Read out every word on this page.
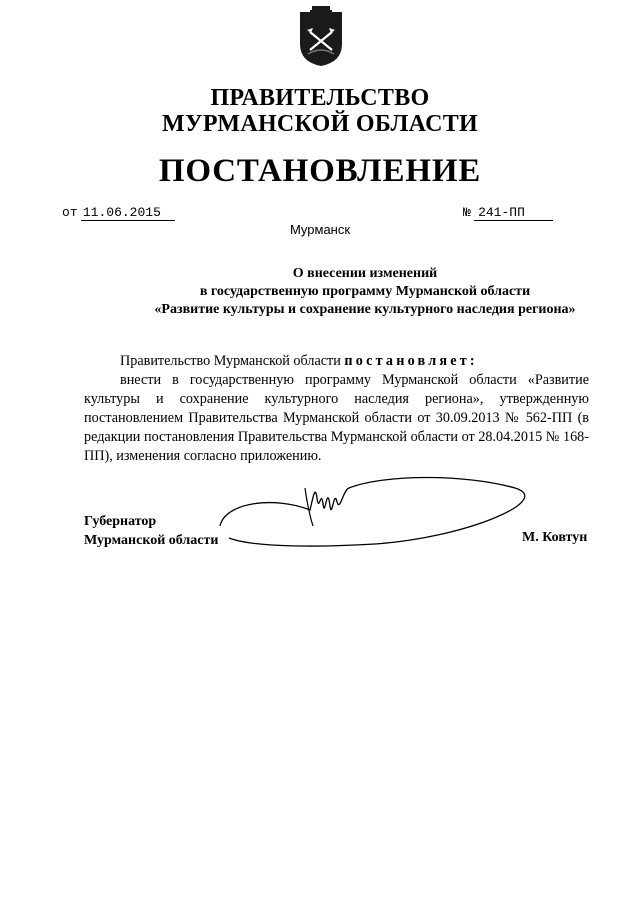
ПРАВИТЕЛЬСТВО
МУРМАНСКОЙ ОБЛАСТИ
ПОСТАНОВЛЕНИЕ
от 11.06.2015	№ 241-ПП
Мурманск
О внесении изменений
в государственную программу Мурманской области
«Развитие культуры и сохранение культурного наследия региона»

Правительство Мурманской области постановляет:

внести в государственную программу Мурманской области «Развитие культуры и сохранение культурного наследия региона», утвержденную постановлением Правительства Мурманской области от 30.09.2013 № 562-ПП (в редакции постановления Правительства Мурманской области от 28.04.2015 № 168-ПП), изменения согласно приложению.

Губернатор
Мурманской области	М. Ковтун
